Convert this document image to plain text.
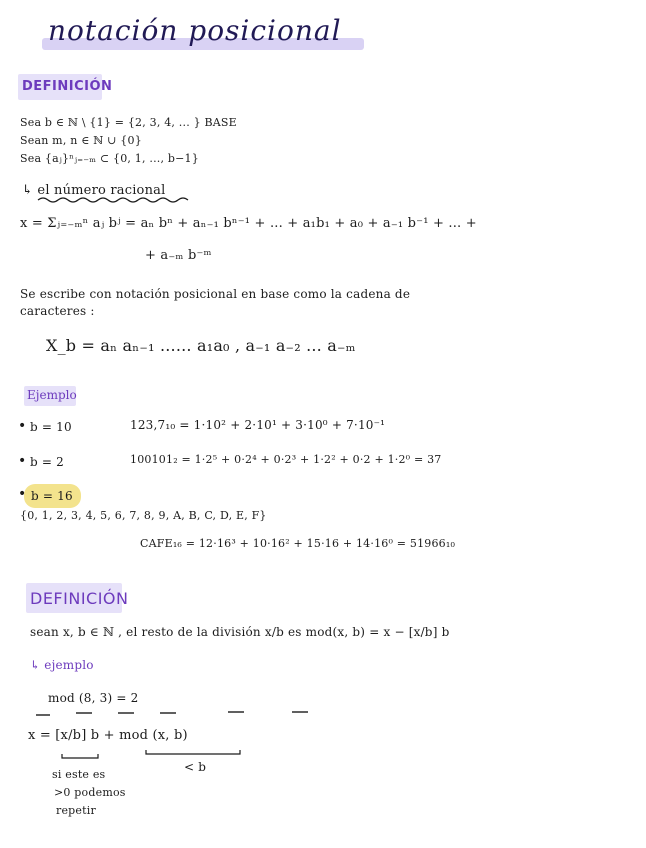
notación posicional
DEFINICIÓN
Sea b ∈ ℕ \ {1} = {2, 3, 4, ... } BASE
Sean m, n ∈ ℕ ∪ {0}
Sea {aⱼ}ⁿⱼ₌₋ₘ ⊂ {0, 1, ..., b−1}
↳ el número racional
x = Σⱼ₌₋ₘⁿ aⱼ bʲ = aₙ bⁿ + aₙ₋₁ bⁿ⁻¹ + ... + a₁b₁ + a₀ + a₋₁ b⁻¹ + ... +
+ a₋ₘ b⁻ᵐ
Se escribe con notación posicional en base como la cadena de
caracteres :
X_b = aₙ aₙ₋₁ ...... a₁a₀ , a₋₁ a₋₂ ... a₋ₘ
Ejemplo
• b = 10	123,7₁₀ = 1·10² + 2·10¹ + 3·10⁰ + 7·10⁻¹
• b = 2	100101₂ = 1·2⁵ + 0·2⁴ + 0·2³ + 1·2² + 0·2 + 1·2⁰ = 37
• b = 16
{0, 1, 2, 3, 4, 5, 6, 7, 8, 9, A, B, C, D, E, F}
CAFE₁₆ = 12·16³ + 10·16² + 15·16 + 14·16⁰ = 51966₁₀
DEFINICIÓN
sean x, b ∈ ℕ , el resto de la división x/b es mod(x, b) = x − [x/b] b
↳ ejemplo
mod (8, 3) = 2
x = [x/b] b + mod (x, b)
< b
si este es
>0 podemos
repetir
